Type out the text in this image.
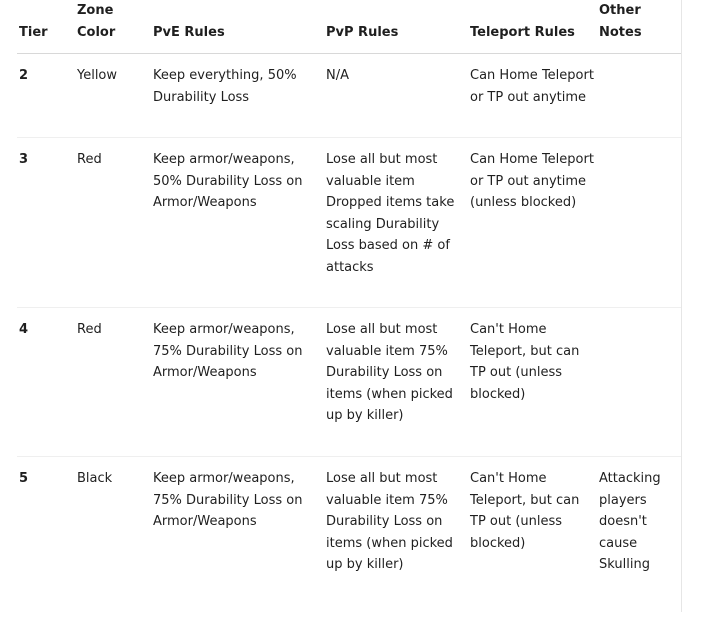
Tier	Zone Color	PvE Rules	PvP Rules	Teleport Rules	Other Notes
2	Yellow	Keep everything, 50% Durability Loss	N/A	Can Home Teleport or TP out anytime	
3	Red	Keep armor/weapons, 50% Durability Loss on Armor/Weapons	Lose all but most valuable item Dropped items take scaling Durability Loss based on # of attacks	Can Home Teleport or TP out anytime (unless blocked)	
4	Red	Keep armor/weapons, 75% Durability Loss on Armor/Weapons	Lose all but most valuable item 75% Durability Loss on items (when picked up by killer)	Can't Home Teleport, but can TP out (unless blocked)	
5	Black	Keep armor/weapons, 75% Durability Loss on Armor/Weapons	Lose all but most valuable item 75% Durability Loss on items (when picked up by killer)	Can't Home Teleport, but can TP out (unless blocked)	Attacking players doesn't cause Skulling
